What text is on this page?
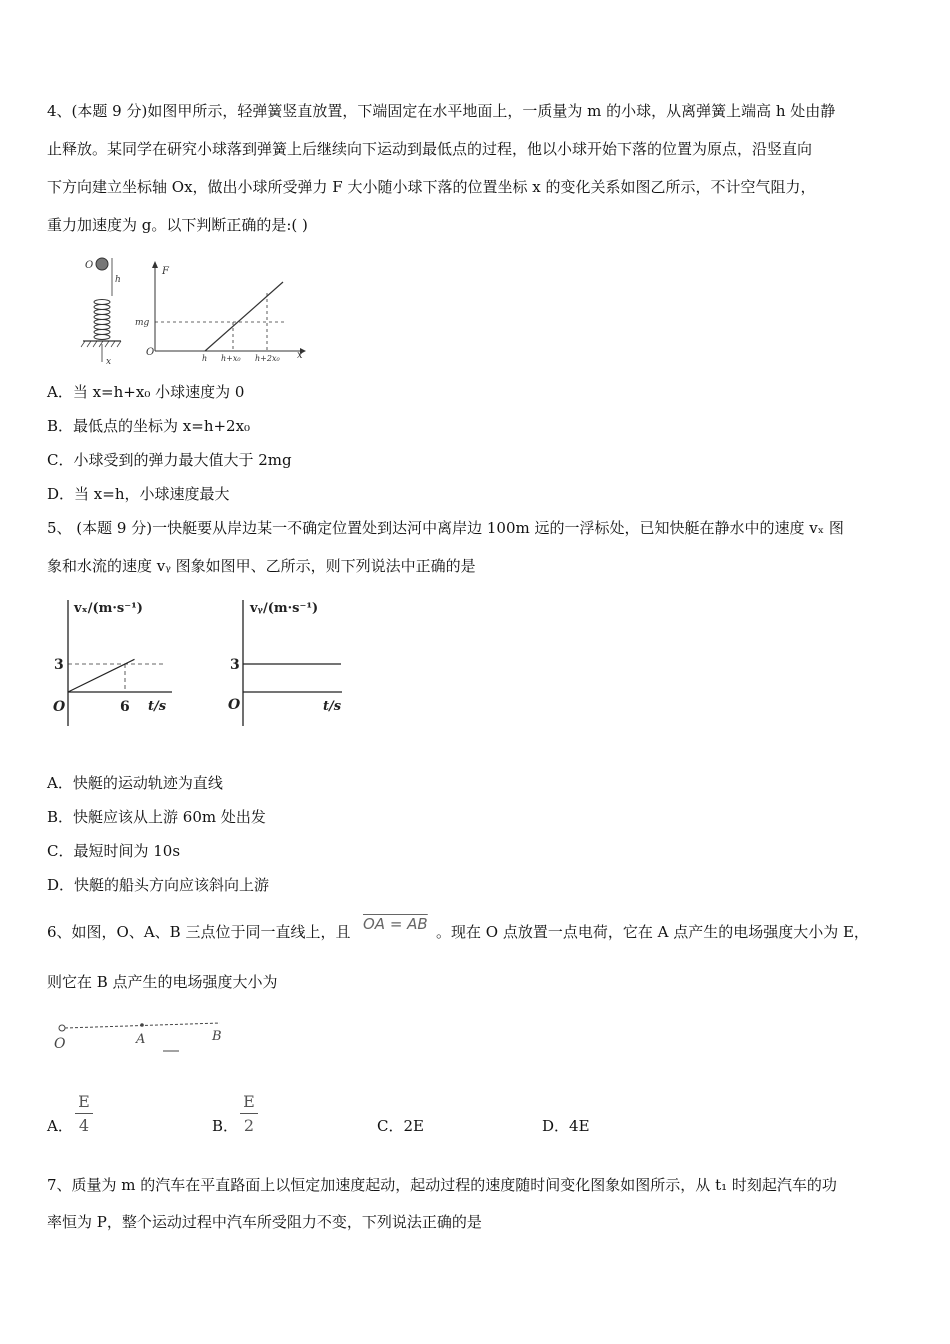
4、(本题 9 分)如图甲所示，轻弹簧竖直放置，下端固定在水平地面上，一质量为 m 的小球，从离弹簧上端高 h 处由静
止释放。某同学在研究小球落到弹簧上后继续向下运动到最低点的过程，他以小球开始下落的位置为原点，沿竖直向
下方向建立坐标轴 Ox，做出小球所受弹力 F 大小随小球下落的位置坐标 x 的变化关系如图乙所示，不计空气阻力，
重力加速度为 g。以下判断正确的是:( )
O
h
x
F
x
O
mg
h h+x₀ h+2x₀
A．当 x=h+x₀ 小球速度为 0
B．最低点的坐标为 x=h+2x₀
C．小球受到的弹力最大值大于 2mg
D．当 x=h，小球速度最大
5、 (本题 9 分)一快艇要从岸边某一不确定位置处到达河中离岸边 100m 远的一浮标处，已知快艇在静水中的速度 vₓ 图
象和水流的速度 vᵧ 图象如图甲、乙所示，则下列说法中正确的是
vₓ/(m·s⁻¹)
t/s
O
3
6
vᵧ/(m·s⁻¹)
t/s
O
3
A．快艇的运动轨迹为直线
B．快艇应该从上游 60m 处出发
C．最短时间为 10s
D．快艇的船头方向应该斜向上游
6、如图，O、A、B 三点位于同一直线上，且 OA = AB 。现在 O 点放置一点电荷，它在 A 点产生的电场强度大小为 E，
则它在 B 点产生的电场强度大小为
O	A	B
A．
E
4	B．
E
2	C．2E	D．4E
7、质量为 m 的汽车在平直路面上以恒定加速度起动，起动过程的速度随时间变化图象如图所示，从 t₁ 时刻起汽车的功
率恒为 P，整个运动过程中汽车所受阻力不变，下列说法正确的是
